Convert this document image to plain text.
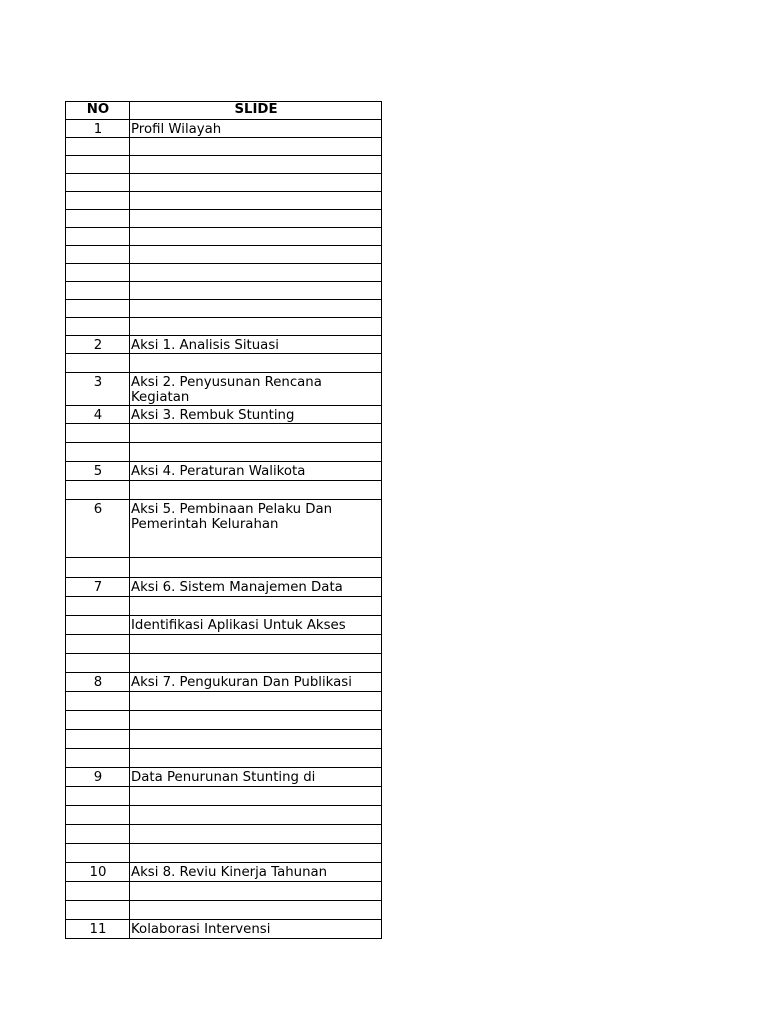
NO	SLIDE
1	Profil Wilayah

2	Aksi 1. Analisis Situasi

3	Aksi 2. Penyusunan Rencana Kegiatan

4	Aksi 3. Rembuk Stunting

5	Aksi 4. Peraturan Walikota

6	Aksi 5. Pembinaan Pelaku Dan Pemerintah Kelurahan

7	Aksi 6. Sistem Manajemen Data

	Identifikasi Aplikasi Untuk Akses

8	Aksi 7. Pengukuran Dan Publikasi

9	Data Penurunan Stunting di

10	Aksi 8. Reviu Kinerja Tahunan

11	Kolaborasi Intervensi
